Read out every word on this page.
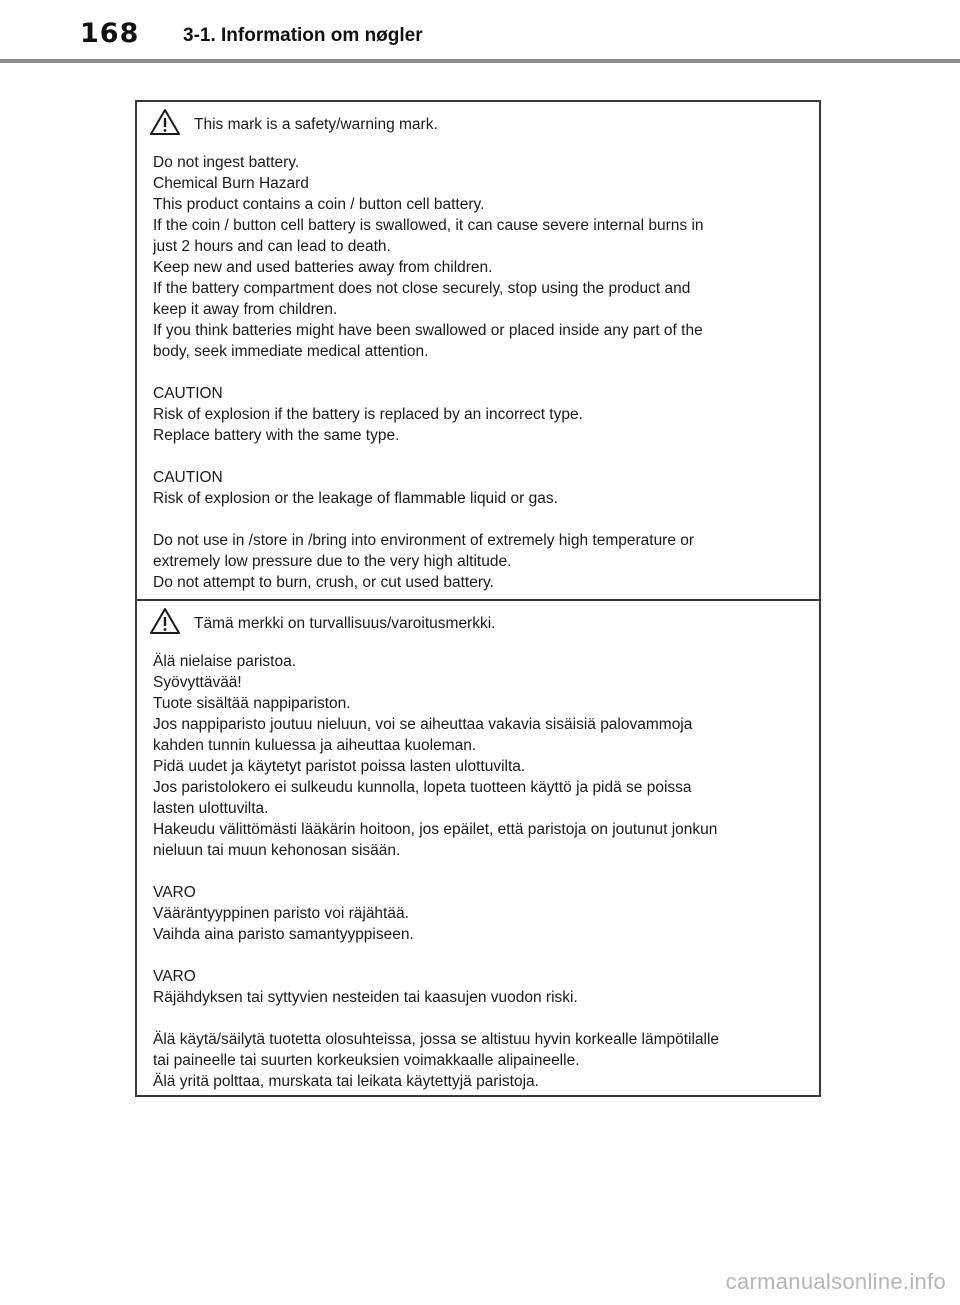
168 3-1. Information om nøgler
This mark is a safety/warning mark.
Do not ingest battery.
Chemical Burn Hazard
This product contains a coin / button cell battery.
If the coin / button cell battery is swallowed, it can cause severe internal burns in
just 2 hours and can lead to death.
Keep new and used batteries away from children.
If the battery compartment does not close securely, stop using the product and
keep it away from children.
If you think batteries might have been swallowed or placed inside any part of the
body, seek immediate medical attention.
CAUTION
Risk of explosion if the battery is replaced by an incorrect type.
Replace battery with the same type.
CAUTION
Risk of explosion or the leakage of flammable liquid or gas.
Do not use in /store in /bring into environment of extremely high temperature or
extremely low pressure due to the very high altitude.
Do not attempt to burn, crush, or cut used battery.
Tämä merkki on turvallisuus/varoitusmerkki.
Älä nielaise paristoa.
Syövyttävää!
Tuote sisältää nappipariston.
Jos nappiparisto joutuu nieluun, voi se aiheuttaa vakavia sisäisiä palovammoja
kahden tunnin kuluessa ja aiheuttaa kuoleman.
Pidä uudet ja käytetyt paristot poissa lasten ulottuvilta.
Jos paristolokero ei sulkeudu kunnolla, lopeta tuotteen käyttö ja pidä se poissa
lasten ulottuvilta.
Hakeudu välittömästi lääkärin hoitoon, jos epäilet, että paristoja on joutunut jonkun
nieluun tai muun kehonosan sisään.
VARO
Vääräntyyppinen paristo voi räjähtää.
Vaihda aina paristo samantyyppiseen.
VARO
Räjähdyksen tai syttyvien nesteiden tai kaasujen vuodon riski.
Älä käytä/säilytä tuotetta olosuhteissa, jossa se altistuu hyvin korkealle lämpötilalle
tai paineelle tai suurten korkeuksien voimakkaalle alipaineelle.
Älä yritä polttaa, murskata tai leikata käytettyjä paristoja.
carmanualsonline.info
